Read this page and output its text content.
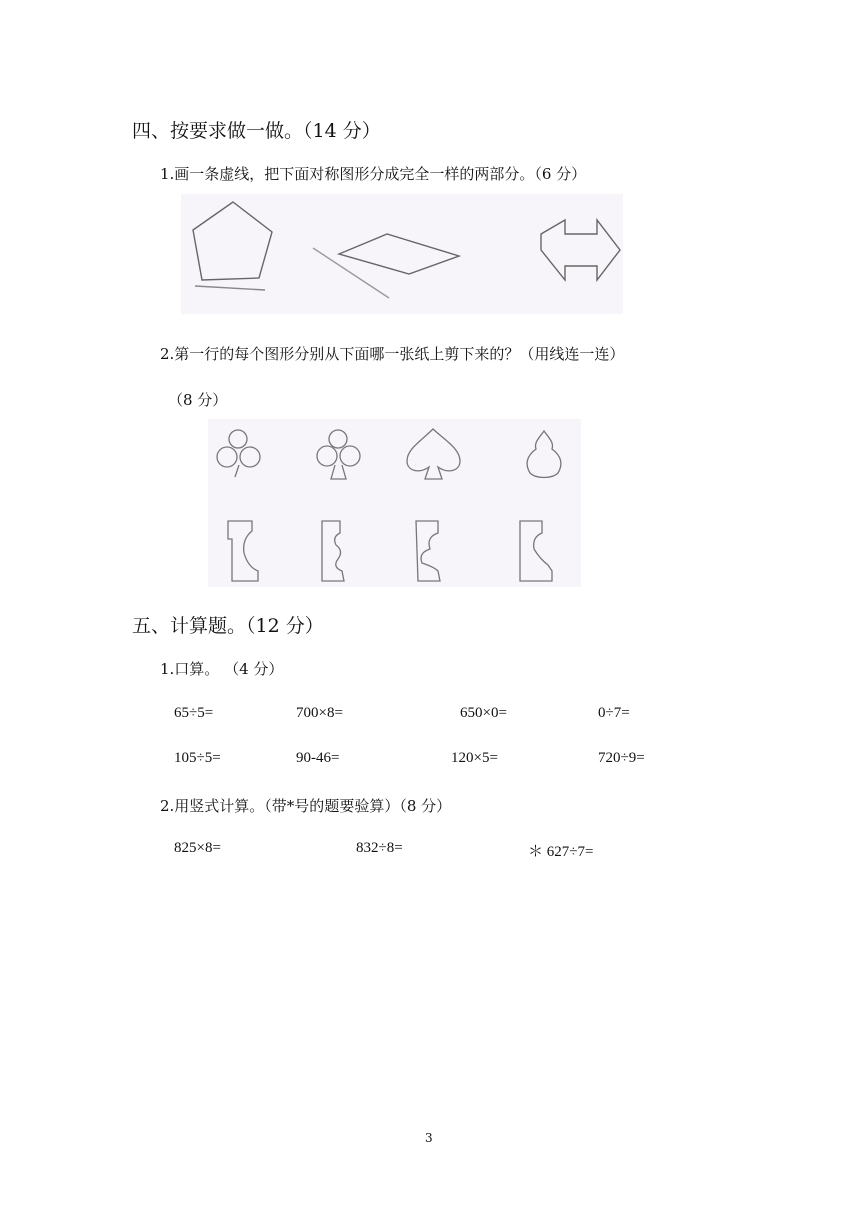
四、按要求做一做。（14 分）
1.画一条虚线，把下面对称图形分成完全一样的两部分。（6 分）
2.第一行的每个图形分别从下面哪一张纸上剪下来的？（用线连一连）
（8 分）
五、计算题。（12 分）
1.口算。 （4 分）
65÷5=	700×8=	650×0=	0÷7=
105÷5=	90-46=	120×5=	720÷9=
2.用竖式计算。（带*号的题要验算）（8 分）
825×8=	832÷8=	＊ 627÷7=
3
